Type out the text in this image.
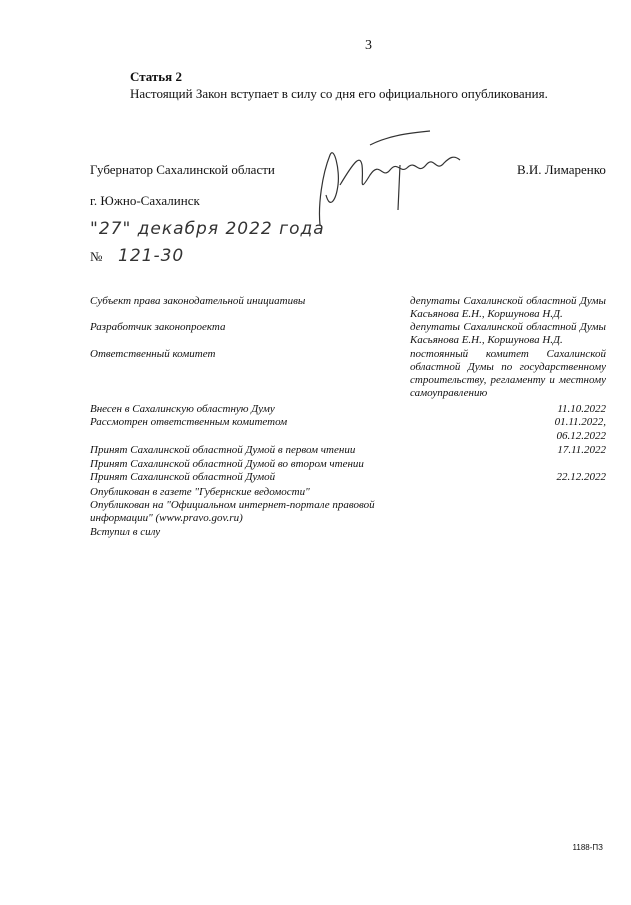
3
Статья 2
Настоящий Закон вступает в силу со дня его официального опубликования.
Губернатор Сахалинской области	В.И. Лимаренко
г. Южно-Сахалинск
"27" декабря 2022 года
№ 121-30
Субъект права законодательной инициативы	депутаты Сахалинской областной Думы Касьянова Е.Н., Коршунова Н.Д.
Разработчик законопроекта	депутаты Сахалинской областной Думы Касьянова Е.Н., Коршунова Н.Д.
Ответственный комитет	постоянный комитет Сахалинской областной Думы по государственному строительству, регламенту и местному самоуправлению
Внесен в Сахалинскую областную Думу	11.10.2022
Рассмотрен ответственным комитетом	01.11.2022,
06.12.2022
Принят Сахалинской областной Думой в первом чтении	17.11.2022
Принят Сахалинской областной Думой во втором чтении
Принят Сахалинской областной Думой	22.12.2022
Опубликован в газете "Губернские ведомости"
Опубликован на "Официальном интернет-портале правовой
информации" (www.pravo.gov.ru)
Вступил в силу
1188-ПЗ
